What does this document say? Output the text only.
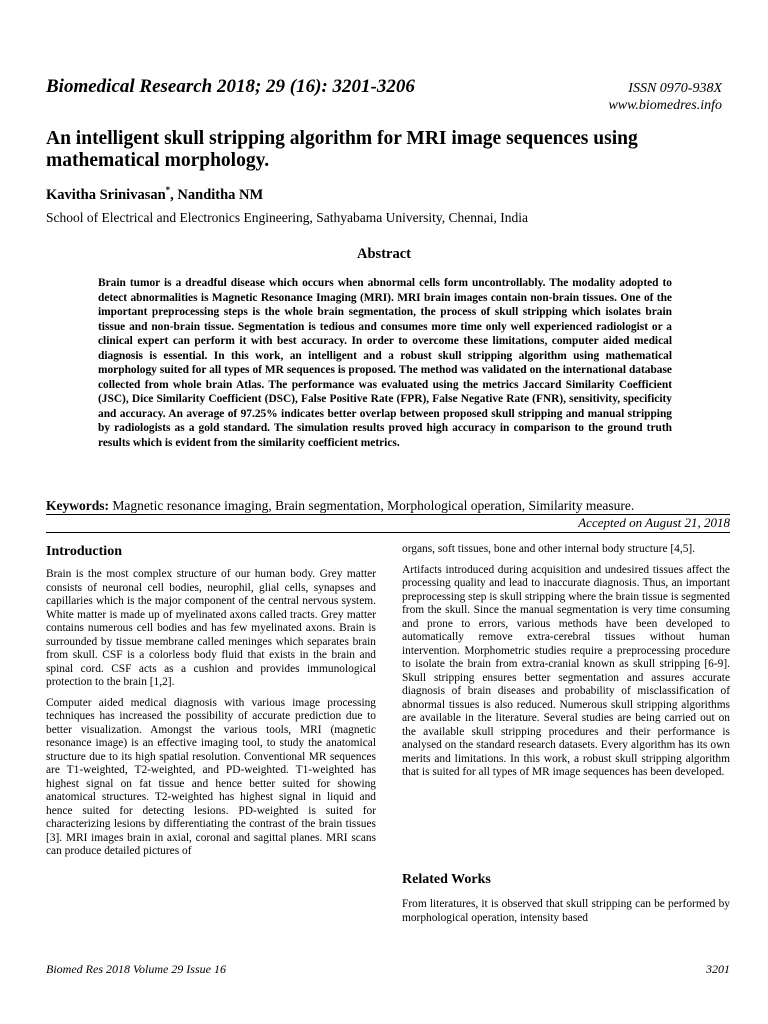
Biomedical Research 2018; 29 (16): 3201-3206	ISSN 0970-938X
www.biomedres.info
An intelligent skull stripping algorithm for MRI image sequences using mathematical morphology.
Kavitha Srinivasan*, Nanditha NM
School of Electrical and Electronics Engineering, Sathyabama University, Chennai, India
Abstract
Brain tumor is a dreadful disease which occurs when abnormal cells form uncontrollably. The modality adopted to detect abnormalities is Magnetic Resonance Imaging (MRI). MRI brain images contain non-brain tissues. One of the important preprocessing steps is the whole brain segmentation, the process of skull stripping which isolates brain tissue and non-brain tissue. Segmentation is tedious and consumes more time only well experienced radiologist or a clinical expert can perform it with best accuracy. In order to overcome these limitations, computer aided medical diagnosis is essential. In this work, an intelligent and a robust skull stripping algorithm using mathematical morphology suited for all types of MR sequences is proposed. The method was validated on the international database collected from whole brain Atlas. The performance was evaluated using the metrics Jaccard Similarity Coefficient (JSC), Dice Similarity Coefficient (DSC), False Positive Rate (FPR), False Negative Rate (FNR), sensitivity, specificity and accuracy. An average of 97.25% indicates better overlap between proposed skull stripping and manual stripping by radiologists as a gold standard. The simulation results proved high accuracy in comparison to the ground truth results which is evident from the similarity coefficient metrics.
Keywords: Magnetic resonance imaging, Brain segmentation, Morphological operation, Similarity measure.
Accepted on August 21, 2018
Introduction

Brain is the most complex structure of our human body. Grey matter consists of neuronal cell bodies, neurophil, glial cells, synapses and capillaries which is the major component of the central nervous system. White matter is made up of myelinated axons called tracts. Grey matter contains numerous cell bodies and has few myelinated axons. Brain is surrounded by tissue membrane called meninges which separates brain from skull. CSF is a colorless body fluid that exists in the brain and spinal cord. CSF acts as a cushion and provides immunological protection to the brain [1,2].

Computer aided medical diagnosis with various image processing techniques has increased the possibility of accurate prediction due to better visualization. Amongst the various tools, MRI (magnetic resonance image) is an effective imaging tool, to study the anatomical structure due to its high spatial resolution. Conventional MR sequences are T1-weighted, T2-weighted, and PD-weighted. T1-weighted has highest signal on fat tissue and hence better suited for showing anatomical structures. T2-weighted has highest signal in liquid and hence suited for detecting lesions. PD-weighted is suited for characterizing lesions by differentiating the contrast of the brain tissues [3]. MRI images brain in axial, coronal and sagittal planes. MRI scans can produce detailed pictures of

organs, soft tissues, bone and other internal body structure [4,5].

Artifacts introduced during acquisition and undesired tissues affect the processing quality and lead to inaccurate diagnosis. Thus, an important preprocessing step is skull stripping where the brain tissue is segmented from the skull. Since the manual segmentation is very time consuming and prone to errors, various methods have been developed to automatically remove extra-cerebral tissues without human intervention. Morphometric studies require a preprocessing procedure to isolate the brain from extra-cranial known as skull stripping [6-9]. Skull stripping ensures better segmentation and assures accurate diagnosis of brain diseases and probability of misclassification of abnormal tissues is also reduced. Numerous skull stripping algorithms are available in the literature. Several studies are being carried out on the available skull stripping procedures and their performance is analysed on the standard research datasets. Every algorithm has its own merits and limitations. In this work, a robust skull stripping algorithm that is suited for all types of MR image sequences has been developed.

Related Works
From literatures, it is observed that skull stripping can be performed by morphological operation, intensity based
Biomed Res 2018 Volume 29 Issue 16	3201
